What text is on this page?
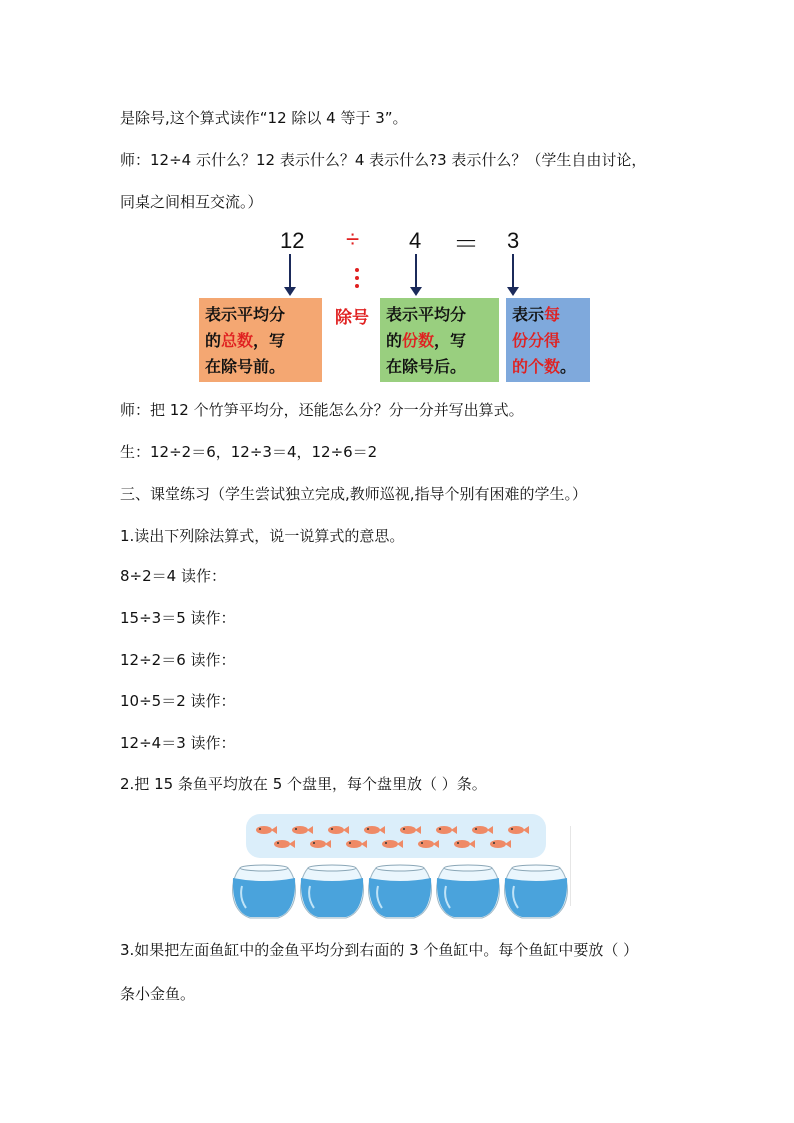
是除号,这个算式读作“12 除以 4 等于 3”。
师：12÷4 示什么？12 表示什么？4 表示什么?3 表示什么？（学生自由讨论，
同桌之间相互交流。）
12 ÷ 4 ＝ 3
表示平均分
的总数，写
在除号前。
除号 表示平均分
的份数，写
在除号后。
表示每
份分得
的个数。
师：把 12 个竹笋平均分，还能怎么分？分一分并写出算式。
生：12÷2＝6，12÷3＝4，12÷6＝2
三、课堂练习（学生尝试独立完成,教师巡视,指导个别有困难的学生。）
1.读出下列除法算式，说一说算式的意思。
8÷2＝4 读作：
15÷3＝5 读作：
12÷2＝6 读作：
10÷5＝2 读作：
12÷4＝3 读作：
2.把 15 条鱼平均放在 5 个盘里，每个盘里放（ ）条。
3.如果把左面鱼缸中的金鱼平均分到右面的 3 个鱼缸中。每个鱼缸中要放（ ）
条小金鱼。
